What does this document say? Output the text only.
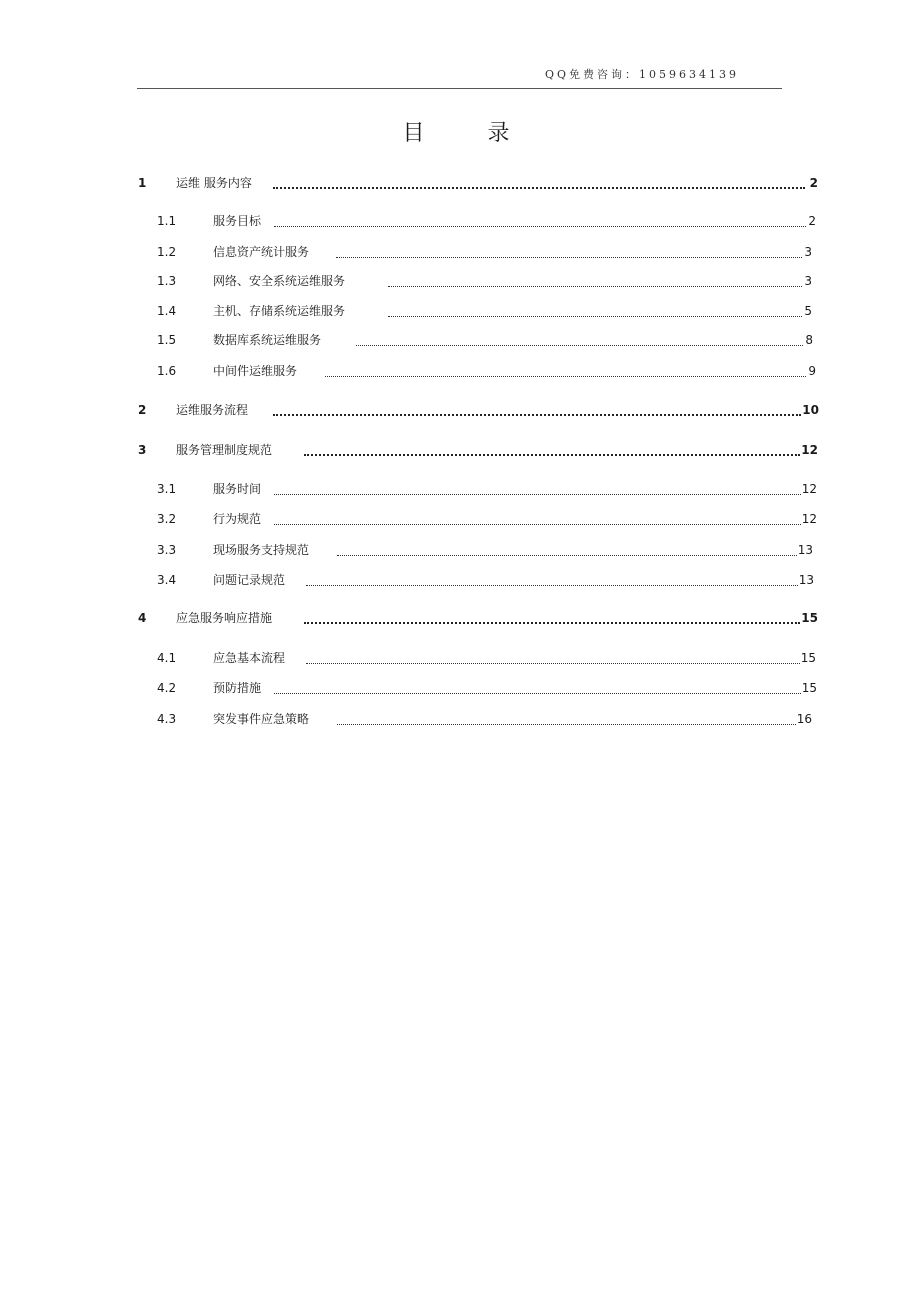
QQ免费咨询：1059634139
目 录
1 运维 服务内容	2
1.1	服务目标	2
1.2	信息资产统计服务	3
1.3	网络、安全系统运维服务	3
1.4	主机、存储系统运维服务	5
1.5	数据库系统运维服务	8
1.6	中间件运维服务	9
2 运维服务流程	10
3 服务管理制度规范	12
3.1	服务时间	12
3.2	行为规范	12
3.3	现场服务支持规范	13
3.4	问题记录规范	13
4 应急服务响应措施	15
4.1	应急基本流程	15
4.2	预防措施	15
4.3	突发事件应急策略	16
